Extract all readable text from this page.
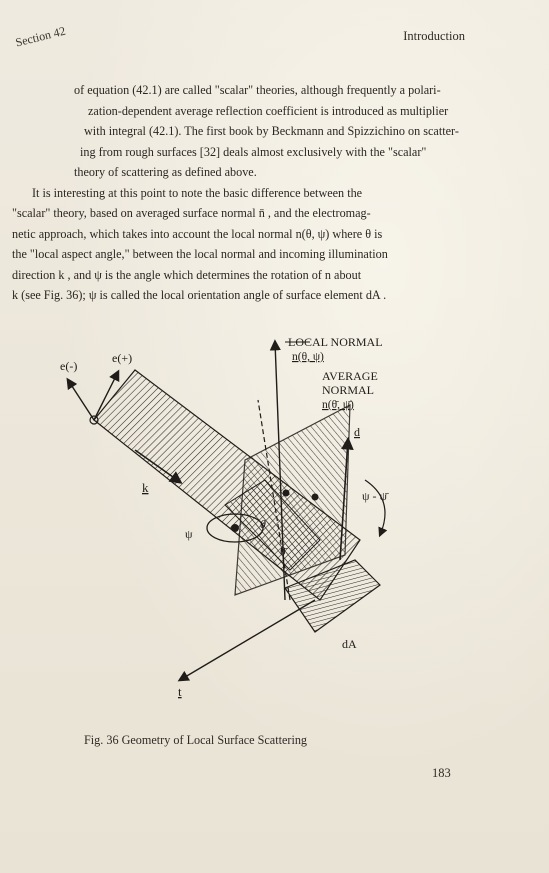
Section 42	Introduction
of equation (42.1) are called "scalar" theories, although frequently a polari-
zation-dependent average reflection coefficient is introduced as multiplier
with integral (42.1). The first book by Beckmann and Spizzichino on scatter-
ing from rough surfaces [32] deals almost exclusively with the "scalar"
theory of scattering as defined above.
It is interesting at this point to note the basic difference between the
"scalar" theory, based on averaged surface normal n̄ , and the electromag-
netic approach, which takes into account the local normal n(θ, ψ) where θ is
the "local aspect angle," between the local normal and incoming illumination
direction k , and ψ is the angle which determines the rotation of n about
k (see Fig. 36); ψ is called the local orientation angle of surface element dA .
e(-)
e(+)
k
ψ
LOCAL NORMAL
n(θ, ψ)
AVERAGE
NORMAL
n(θ̄, ψ̄)
d
ψ - ψ̄
θ
θ̄
dA
t
Fig. 36 Geometry of Local Surface Scattering
183
